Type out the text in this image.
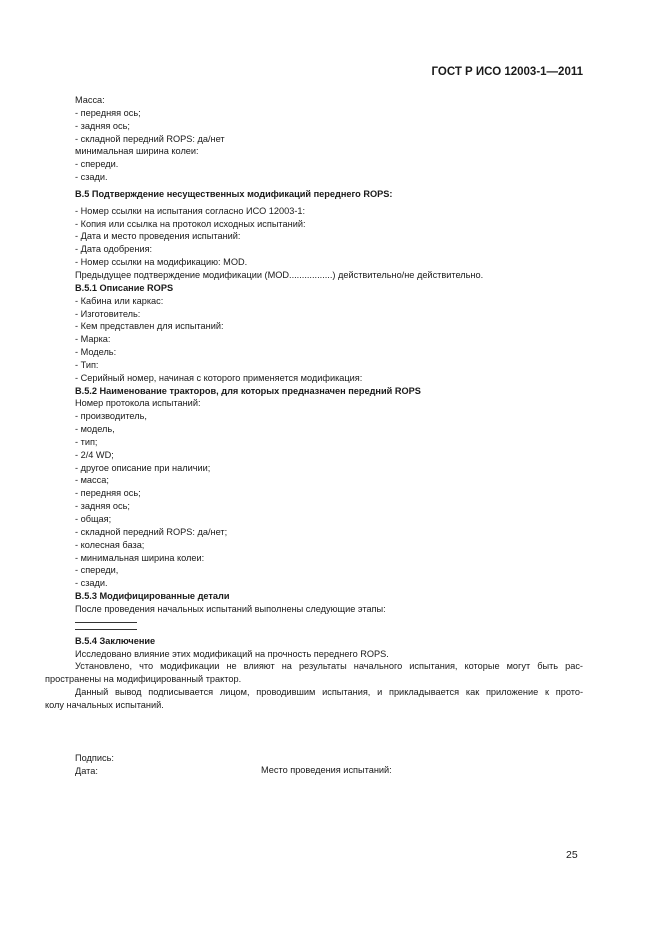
ГОСТ Р ИСО 12003-1—2011
Масса:
- передняя ось;
- задняя ось;
- складной передний ROPS: да/нет
минимальная ширина колеи:
- спереди.
- сзади.
В.5 Подтверждение несущественных модификаций переднего ROPS:
- Номер ссылки на испытания согласно ИСО 12003-1:
- Копия или ссылка на протокол исходных испытаний:
- Дата и место проведения испытаний:
- Дата одобрения:
- Номер ссылки на модификацию: MOD.
Предыдущее подтверждение модификации (MOD.................) действительно/не действительно.
В.5.1 Описание ROPS
- Кабина или каркас:
- Изготовитель:
- Кем представлен для испытаний:
- Марка:
- Модель:
- Тип:
- Серийный номер, начиная с которого применяется модификация:
В.5.2 Наименование тракторов, для которых предназначен передний ROPS
Номер протокола испытаний:
- производитель,
- модель,
- тип;
- 2/4 WD;
- другое описание при наличии;
- масса;
- передняя ось;
- задняя ось;
- общая;
- складной передний ROPS: да/нет;
- колесная база;
- минимальная ширина колеи:
- спереди,
- сзади.
В.5.3 Модифицированные детали
После проведения начальных испытаний выполнены следующие этапы:
В.5.4 Заключение
Исследовано влияние этих модификаций на прочность переднего ROPS.
Установлено, что модификации не влияют на результаты начального испытания, которые могут быть рас-
пространены на модифицированный трактор.
Данный вывод подписывается лицом, проводившим испытания, и прикладывается как приложение к прото-
колу начальных испытаний.
Подпись:
Дата:	Место проведения испытаний:
25
